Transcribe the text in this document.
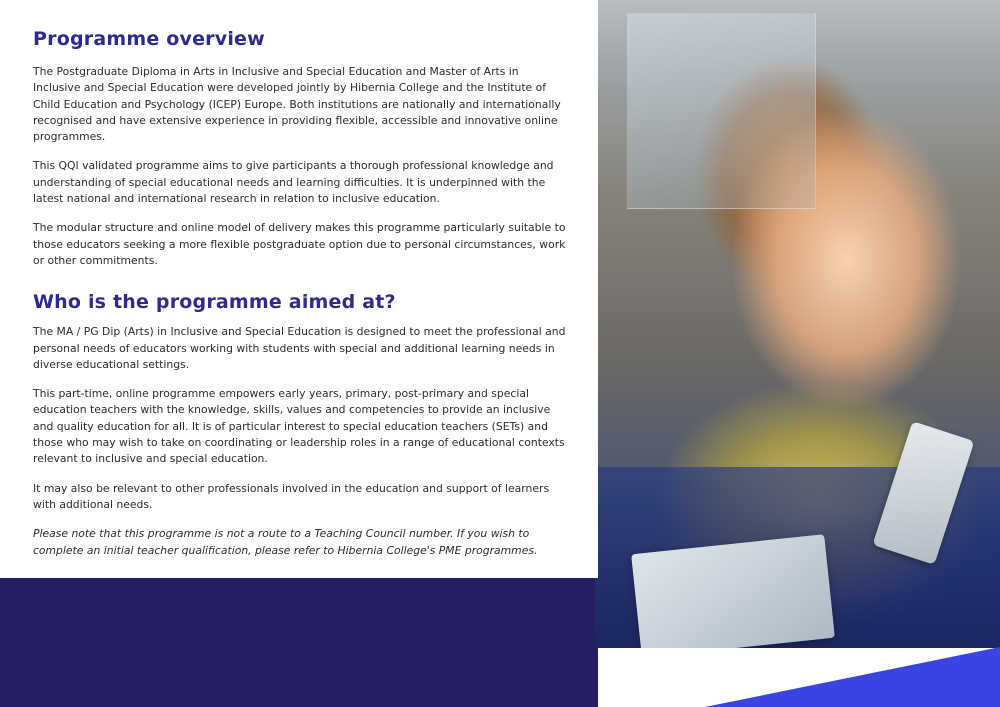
Programme overview

The Postgraduate Diploma in Arts in Inclusive and Special Education and Master of Arts in Inclusive and Special Education were developed jointly by Hibernia College and the Institute of Child Education and Psychology (ICEP) Europe. Both institutions are nationally and internationally recognised and have extensive experience in providing flexible, accessible and innovative online programmes.

This QQI validated programme aims to give participants a thorough professional knowledge and understanding of special educational needs and learning difficulties. It is underpinned with the latest national and international research in relation to inclusive education.

The modular structure and online model of delivery makes this programme particularly suitable to those educators seeking a more flexible postgraduate option due to personal circumstances, work or other commitments.

Who is the programme aimed at?

The MA / PG Dip (Arts) in Inclusive and Special Education is designed to meet the professional and personal needs of educators working with students with special and additional learning needs in diverse educational settings.

This part-time, online programme empowers early years, primary, post-primary and special education teachers with the knowledge, skills, values and competencies to provide an inclusive and quality education for all. It is of particular interest to special education teachers (SETs) and those who may wish to take on coordinating or leadership roles in a range of educational contexts relevant to inclusive and special education.

It may also be relevant to other professionals involved in the education and support of learners with additional needs.

Please note that this programme is not a route to a Teaching Council number. If you wish to complete an initial teacher qualification, please refer to Hibernia College's PME programmes.
